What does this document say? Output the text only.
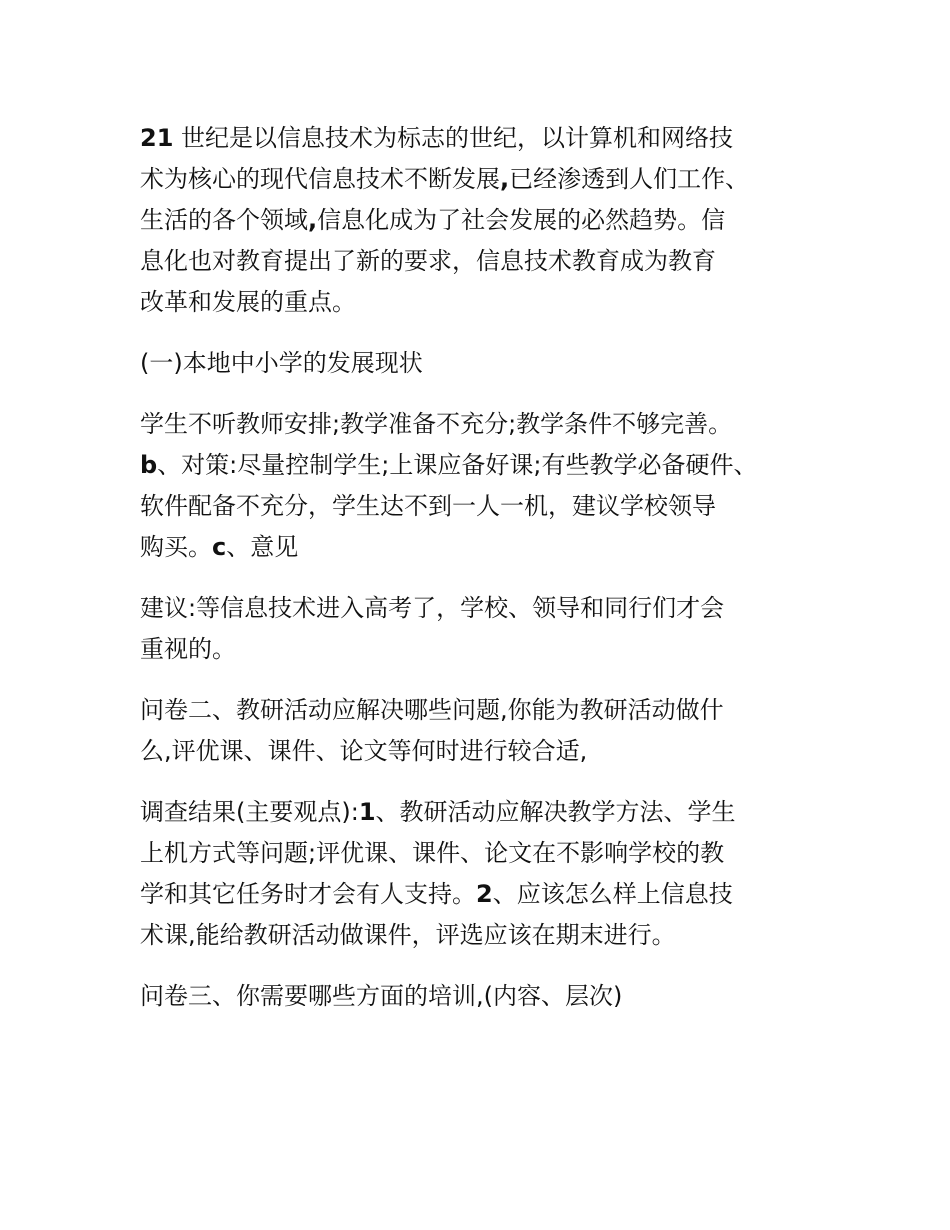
21 世纪是以信息技术为标志的世纪，以计算机和网络技
术为核心的现代信息技术不断发展,已经渗透到人们工作、
生活的各个领域,信息化成为了社会发展的必然趋势。信
息化也对教育提出了新的要求，信息技术教育成为教育
改革和发展的重点。

(一)本地中小学的发展现状

学生不听教师安排;教学准备不充分;教学条件不够完善。
b、对策:尽量控制学生;上课应备好课;有些教学必备硬件、
软件配备不充分，学生达不到一人一机，建议学校领导
购买。c、意见

建议:等信息技术进入高考了，学校、领导和同行们才会
重视的。

问卷二、教研活动应解决哪些问题,你能为教研活动做什
么,评优课、课件、论文等何时进行较合适,

调查结果(主要观点):1、教研活动应解决教学方法、学生
上机方式等问题;评优课、课件、论文在不影响学校的教
学和其它任务时才会有人支持。2、应该怎么样上信息技
术课,能给教研活动做课件，评选应该在期末进行。

问卷三、你需要哪些方面的培训,(内容、层次)
